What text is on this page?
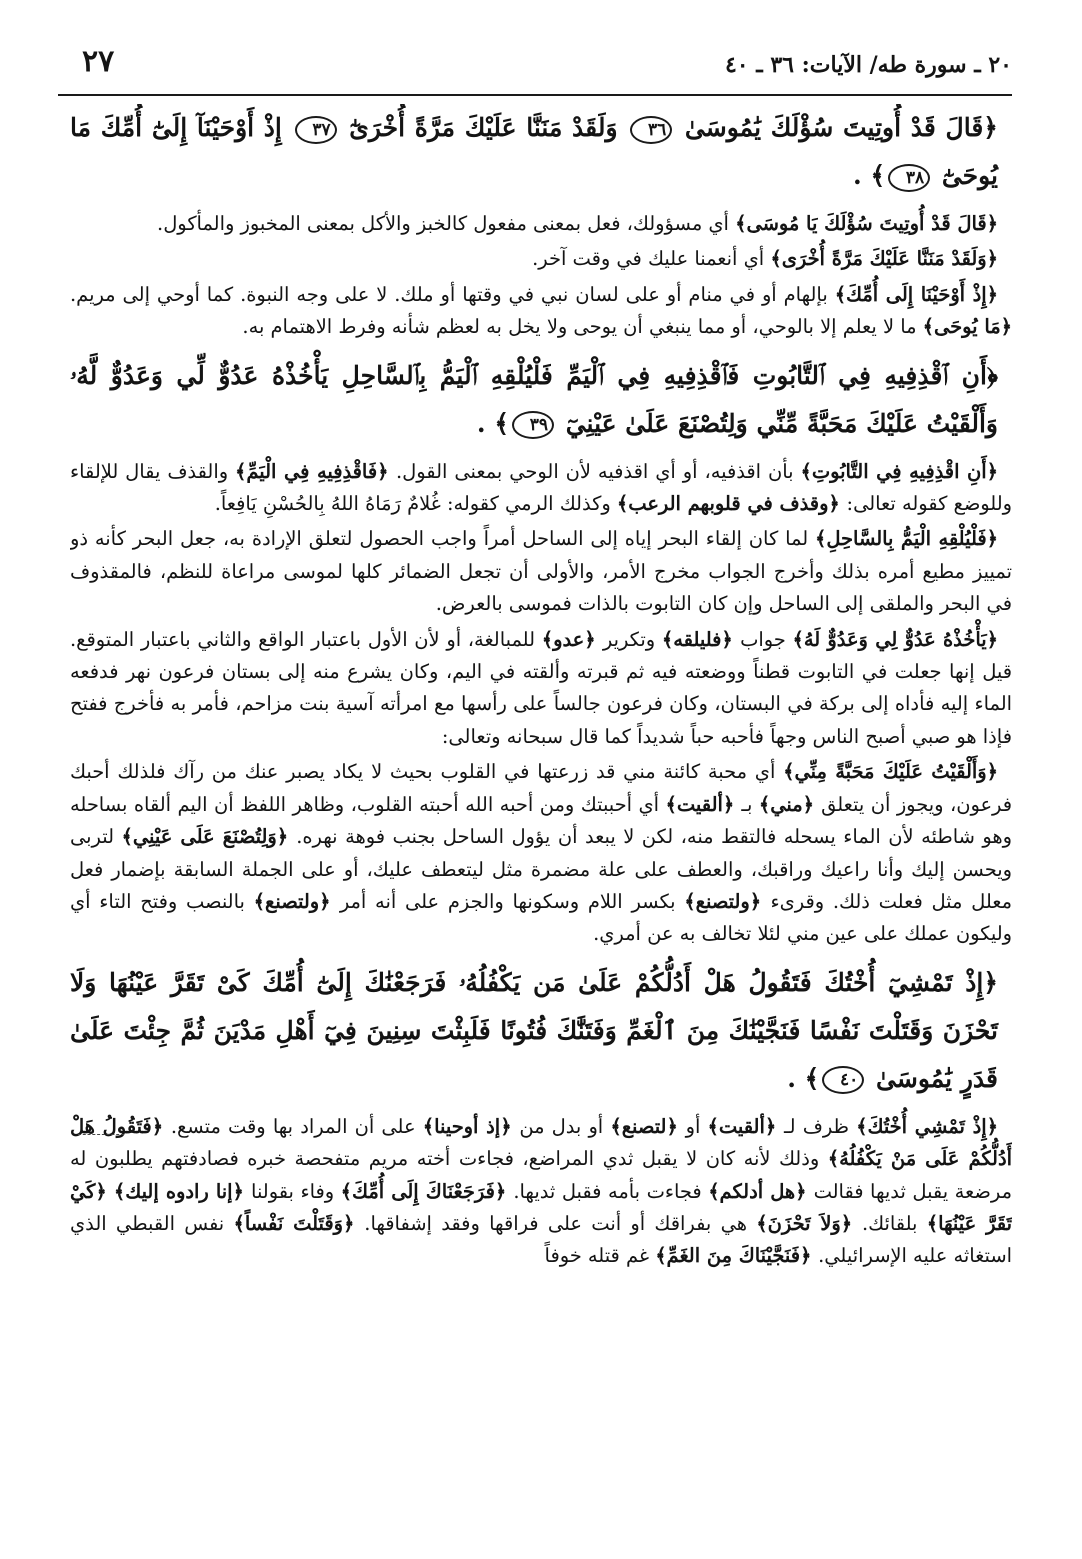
٢٧	٢٠ ـ سورة طه/ الآيات: ٣٦ ـ ٤٠

﴿قَالَ قَدْ أُوتِيتَ سُؤْلَكَ يَٰمُوسَىٰ ٣٦ وَلَقَدْ مَنَنَّا عَلَيْكَ مَرَّةً أُخْرَىٰٓ ٣٧ إِذْ أَوْحَيْنَآ إِلَىٰٓ أُمِّكَ مَا يُوحَىٰٓ ٣٨﴾ .

﴿قَالَ قَدْ أُوتِيتَ سُؤْلَكَ يَا مُوسَى﴾ أي مسؤولك، فعل بمعنى مفعول كالخبز والأكل بمعنى المخبوز والمأكول.

﴿وَلَقَدْ مَنَنَّا عَلَيْكَ مَرَّةً أُخْرَى﴾ أي أنعمنا عليك في وقت آخر.

﴿إِذْ أَوْحَيْنَا إِلَى أُمِّكَ﴾ بإلهام أو في منام أو على لسان نبي في وقتها أو ملك. لا على وجه النبوة. كما أوحي إلى مريم. ﴿مَا يُوحَى﴾ ما لا يعلم إلا بالوحي، أو مما ينبغي أن يوحى ولا يخل به لعظم شأنه وفرط الاهتمام به.

﴿أَنِ ٱقْذِفِيهِ فِي ٱلتَّابُوتِ فَٱقْذِفِيهِ فِي ٱلْيَمِّ فَلْيُلْقِهِ ٱلْيَمُّ بِٱلسَّاحِلِ يَأْخُذْهُ عَدُوٌّ لِّي وَعَدُوٌّ لَّهُۥ وَأَلْقَيْتُ عَلَيْكَ مَحَبَّةً مِّنِّي وَلِتُصْنَعَ عَلَىٰ عَيْنِيٓ ٣٩﴾ .

﴿أَنِ اقْذِفِيهِ فِي التَّابُوتِ﴾ بأن اقذفيه، أو أي اقذفيه لأن الوحي بمعنى القول. ﴿فَاقْذِفِيهِ فِي الْيَمِّ﴾ والقذف يقال للإلقاء وللوضع كقوله تعالى: ﴿وقذف في قلوبهم الرعب﴾ وكذلك الرمي كقوله: غُلامٌ رَمَاهُ اللهُ بِالحُسْنِ يَافِعاً.

﴿فَلْيُلْقِهِ الْيَمُّ بِالسَّاحِلِ﴾ لما كان إلقاء البحر إياه إلى الساحل أمراً واجب الحصول لتعلق الإرادة به، جعل البحر كأنه ذو تمييز مطيع أمره بذلك وأخرج الجواب مخرج الأمر، والأولى أن تجعل الضمائر كلها لموسى مراعاة للنظم، فالمقذوف في البحر والملقى إلى الساحل وإن كان التابوت بالذات فموسى بالعرض.

﴿يَأْخُذْهُ عَدُوٌّ لِي وَعَدُوٌّ لَهُ﴾ جواب ﴿فليلقه﴾ وتكرير ﴿عدو﴾ للمبالغة، أو لأن الأول باعتبار الواقع والثاني باعتبار المتوقع. قيل إنها جعلت في التابوت قطناً ووضعته فيه ثم قبرته وألقته في اليم، وكان يشرع منه إلى بستان فرعون نهر فدفعه الماء إليه فأداه إلى بركة في البستان، وكان فرعون جالساً على رأسها مع امرأته آسية بنت مزاحم، فأمر به فأخرج ففتح فإذا هو صبي أصبح الناس وجهاً فأحبه حباً شديداً كما قال سبحانه وتعالى:

﴿وَأَلْقَيْتُ عَلَيْكَ مَحَبَّةً مِنِّي﴾ أي محبة كائنة مني قد زرعتها في القلوب بحيث لا يكاد يصبر عنك من رآك فلذلك أحبك فرعون، ويجوز أن يتعلق ﴿مني﴾ بـ ﴿ألقيت﴾ أي أحببتك ومن أحبه الله أحبته القلوب، وظاهر اللفظ أن اليم ألقاه بساحله وهو شاطئه لأن الماء يسحله فالتقط منه، لكن لا يبعد أن يؤول الساحل بجنب فوهة نهره. ﴿وَلِتُصْنَعَ عَلَى عَيْنِي﴾ لتربى ويحسن إليك وأنا راعيك وراقبك، والعطف على علة مضمرة مثل ليتعطف عليك، أو على الجملة السابقة بإضمار فعل معلل مثل فعلت ذلك. وقرىء ﴿ولتصنع﴾ بكسر اللام وسكونها والجزم على أنه أمر ﴿ولتصنع﴾ بالنصب وفتح التاء أي وليكون عملك على عين مني لئلا تخالف به عن أمري.

﴿إِذْ تَمْشِيٓ أُخْتُكَ فَتَقُولُ هَلْ أَدُلُّكُمْ عَلَىٰ مَن يَكْفُلُهُۥ فَرَجَعْنَٰكَ إِلَىٰٓ أُمِّكَ كَىْ تَقَرَّ عَيْنُهَا وَلَا تَحْزَنَ وَقَتَلْتَ نَفْسًا فَنَجَّيْنَٰكَ مِنَ ٱلْغَمِّ وَفَتَنَّٰكَ فُتُونًا فَلَبِثْتَ سِنِينَ فِيٓ أَهْلِ مَدْيَنَ ثُمَّ جِئْتَ عَلَىٰ قَدَرٍ يَٰمُوسَىٰ ٤٠﴾ .

﴿إِذْ تَمْشِي أُخْتُكَ﴾ ظرف لـ ﴿ألقيت﴾ أو ﴿لتصنع﴾ أو بدل من ﴿إذ أوحينا﴾ على أن المراد بها وقت متسع. ﴿فَتَقُولُ هَلْ أَدُلُّكُمْ عَلَى مَنْ يَكْفُلُهُ﴾ وذلك لأنه كان لا يقبل ثدي المراضع، فجاءت أخته مريم متفحصة خبره فصادفتهم يطلبون له مرضعة يقبل ثديها فقالت ﴿هل أدلكم﴾ فجاءت بأمه فقبل ثديها. ﴿فَرَجَعْنَاكَ إِلَى أُمِّكَ﴾ وفاء بقولنا ﴿إنا رادوه إليك﴾ ﴿كَيْ تَقَرَّ عَيْنُهَا﴾ بلقائك. ﴿وَلاَ تَحْزَنَ﴾ هي بفراقك أو أنت على فراقها وفقد إشفاقها. ﴿وَقَتَلْتَ نَفْساً﴾ نفس القبطي الذي استغاثه عليه الإسرائيلي. ﴿فَنَجَّيْنَاكَ مِنَ الغَمِّ﴾ غم قتله خوفاً
